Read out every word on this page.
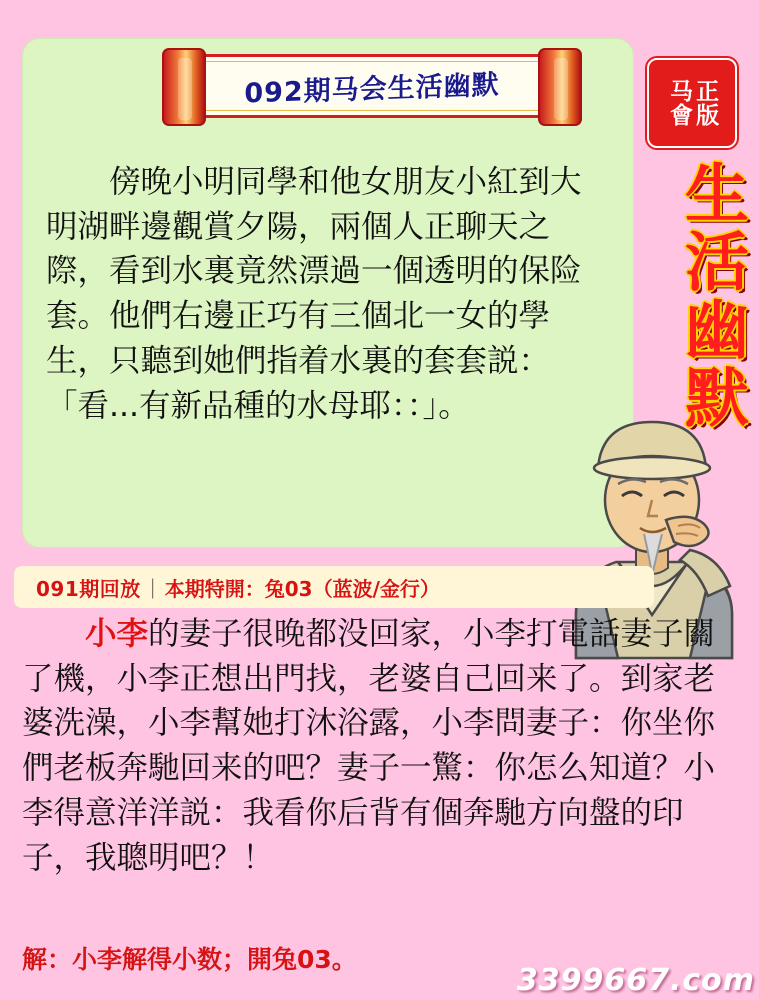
092期马会生活幽默	正版
马會
生活幽默
傍晚小明同學和他女朋友小紅到大明湖畔邊觀賞夕陽，兩個人正聊天之際，看到水裏竟然漂過一個透明的保险套。他們右邊正巧有三個北一女的學生，只聽到她們指着水裏的套套説：「看...有新品種的水母耶：：」。
091期回放 ｜ 本期特開：兔03（蓝波/金行）
小李的妻子很晚都没回家，小李打電話妻子關了機，小李正想出門找，老婆自己回来了。到家老婆洗澡，小李幫她打沐浴露，小李問妻子：你坐你們老板奔馳回来的吧？妻子一驚：你怎么知道？小李得意洋洋説：我看你后背有個奔馳方向盤的印子，我聰明吧？！
解：小李解得小数；開兔03。
3399667.com
